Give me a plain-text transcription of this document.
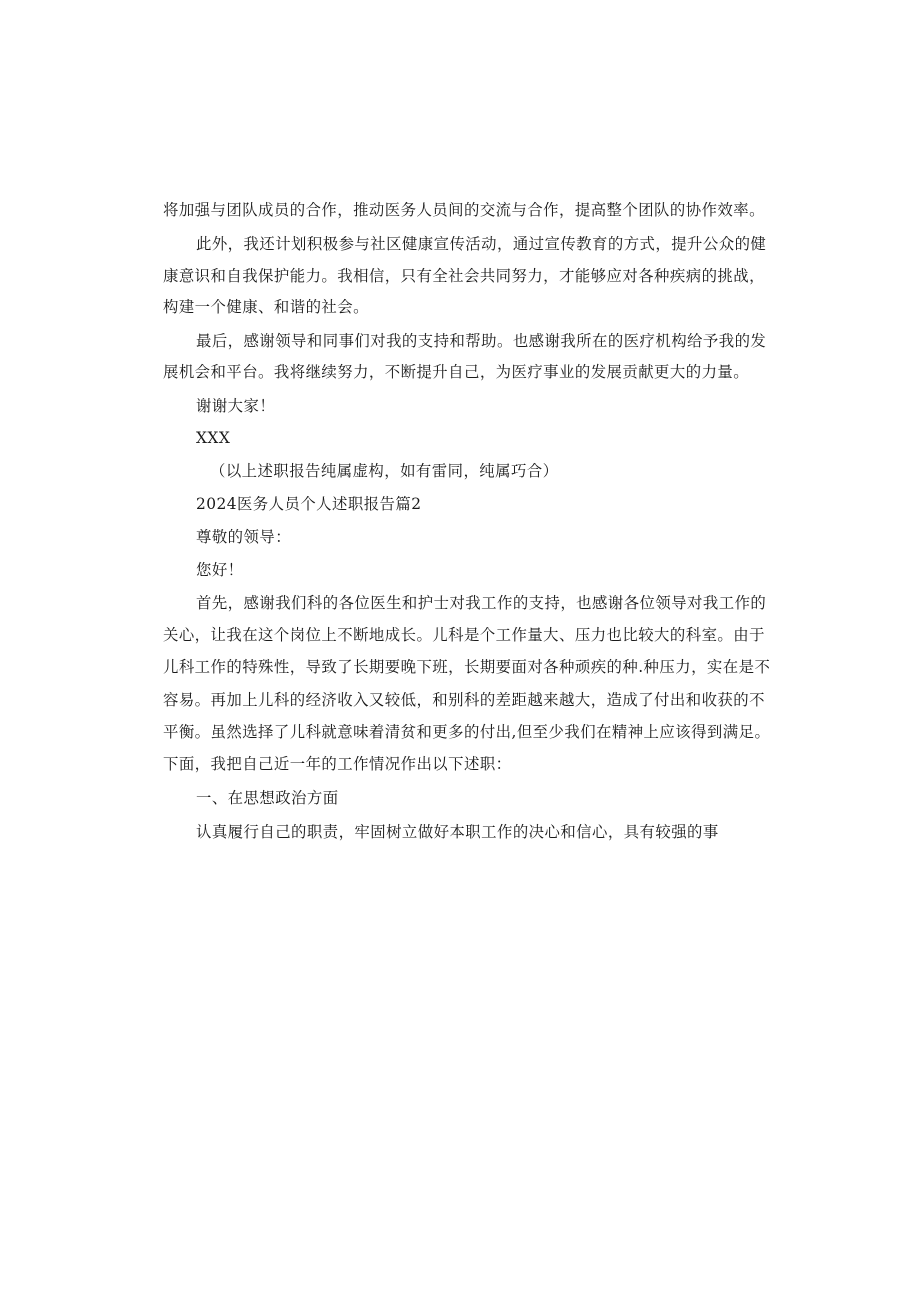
将加强与团队成员的合作，推动医务人员间的交流与合作，提高整个团队的协作效率。
此外，我还计划积极参与社区健康宣传活动，通过宣传教育的方式，提升公众的健
康意识和自我保护能力。我相信，只有全社会共同努力，才能够应对各种疾病的挑战，
构建一个健康、和谐的社会。
最后，感谢领导和同事们对我的支持和帮助。也感谢我所在的医疗机构给予我的发
展机会和平台。我将继续努力，不断提升自己，为医疗事业的发展贡献更大的力量。
谢谢大家！
XXX
（以上述职报告纯属虚构，如有雷同，纯属巧合）
2024医务人员个人述职报告篇2
尊敬的领导：
您好！
首先，感谢我们科的各位医生和护士对我工作的支持，也感谢各位领导对我工作的
关心，让我在这个岗位上不断地成长。儿科是个工作量大、压力也比较大的科室。由于
儿科工作的特殊性，导致了长期要晚下班，长期要面对各种顽疾的种.种压力，实在是不
容易。再加上儿科的经济收入又较低，和别科的差距越来越大，造成了付出和收获的不
平衡。虽然选择了儿科就意味着清贫和更多的付出,但至少我们在精神上应该得到满足。
下面，我把自己近一年的工作情况作出以下述职：
一、在思想政治方面
认真履行自己的职责，牢固树立做好本职工作的决心和信心，具有较强的事
